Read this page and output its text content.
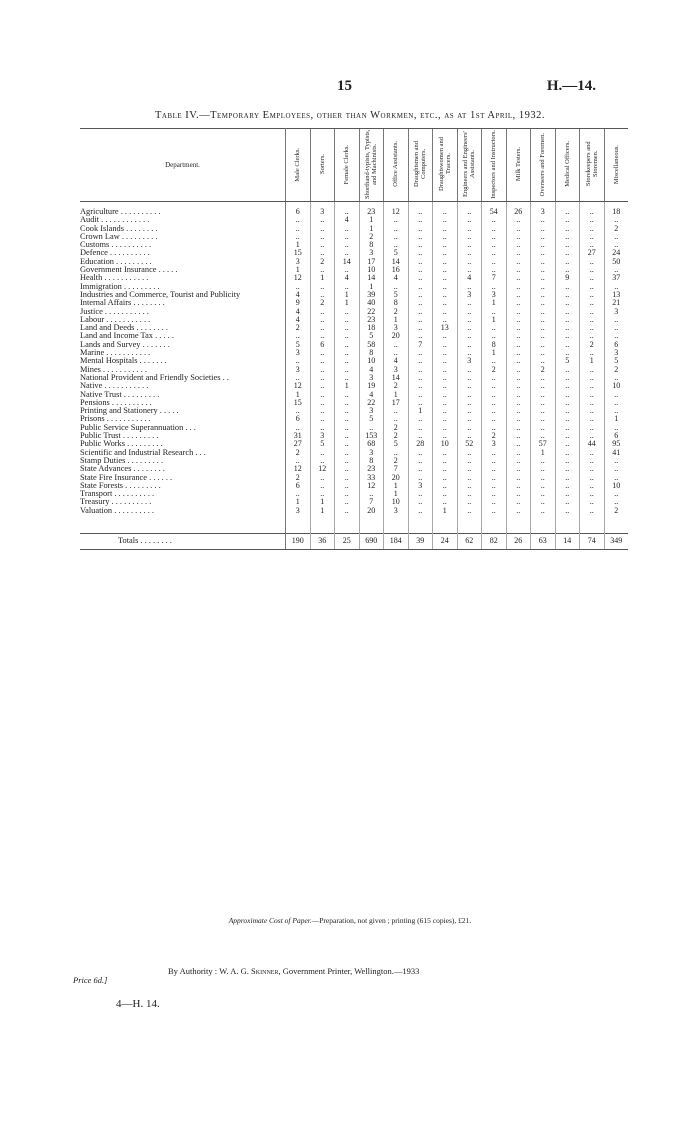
15	H.—14.
Table IV.—Temporary Employees, other than Workmen, etc., as at 1st April, 1932.
Department.	Male Clerks.	Sorters.	Female Clerks.	Shorthand-typists, Typists, and Machinists.	Office Assistants.	Draughtsmen and Computers.	Draughtswomen and Tracers.	Engineers and Engineers' Assistants.	Inspectors and Instructors.	Milk Testers.	Overseers and Foremen.	Medical Officers.	Storekeepers and Storemen.	Miscellaneous.
Agriculture . . . . . . . . . .	6	3	..	23	12	..	..	..	54	26	3	..	..	18
Audit . . . . . . . . . . . .	..	..	4	1	..	..	..	..	..	..	..	..	..	..
Cook Islands . . . . . . . .	..	..	..	1	..	..	..	..	..	..	..	..	..	2
Crown Law . . . . . . . . .	..	..	..	2	..	..	..	..	..	..	..	..	..	..
Customs . . . . . . . . . .	1	..	..	8	..	..	..	..	..	..	..	..	..	..
Defence . . . . . . . . . .	15	..	..	3	5	..	..	..	..	..	..	..	27	24
Education . . . . . . . . .	3	2	14	17	14	..	..	..	..	..	..	..	..	50
Government Insurance . . . . .	1	..	..	10	16	..	..	..	..	..	..	..	..	..
Health . . . . . . . . . . .	12	1	4	14	4	..	..	4	7	..	..	9	..	37
Immigration . . . . . . . . .	..	..	..	1	..	..	..	..	..	..	..	..	..	..
Industries and Commerce, Tourist and Publicity	4	..	1	39	5	..	..	3	3	..	..	..	..	13
Internal Affairs . . . . . . . .	9	2	1	40	8	..	..	..	1	..	..	..	..	21
Justice . . . . . . . . . . .	4	..	..	22	2	..	..	..	..	..	..	..	..	3
Labour . . . . . . . . . . .	4	..	..	23	1	..	..	..	1	..	..	..	..	..
Land and Deeds . . . . . . . .	2	..	..	18	3	..	13	..	..	..	..	..	..	..
Land and Income Tax . . . . .	..	..	..	5	20	..	..	..	..	..	..	..	..	..
Lands and Survey . . . . . . .	5	6	..	58	..	7	..	..	8	..	..	..	2	6
Marine . . . . . . . . . . .	3	..	..	8	..	..	..	..	1	..	..	..	..	3
Mental Hospitals . . . . . . .	..	..	..	10	4	..	..	3	..	..	..	5	1	5
Mines . . . . . . . . . . .	3	..	..	4	3	..	..	..	2	..	2	..	..	2
National Provident and Friendly Societies . .	..	..	..	3	14	..	..	..	..	..	..	..	..	..
Native . . . . . . . . . . .	12	..	1	19	2	..	..	..	..	..	..	..	..	10
Native Trust . . . . . . . . .	1	..	..	4	1	..	..	..	..	..	..	..	..	..
Pensions . . . . . . . . . .	15	..	..	22	17	..	..	..	..	..	..	..	..	..
Printing and Stationery . . . . .	..	..	..	3	..	1	..	..	..	..	..	..	..	..
Prisons . . . . . . . . . . .	6	..	..	5	..	..	..	..	..	..	..	..	..	1
Public Service Superannuation . . .	..	..	..	..	2	..	..	..	..	..	..	..	..	..
Public Trust . . . . . . . . .	31	3	..	153	2	..	..	..	2	..	..	..	..	6
Public Works . . . . . . . . .	27	5	..	68	5	28	10	52	3	..	57	..	44	95
Scientific and Industrial Research . . .	2	..	..	3	..	..	..	..	..	..	1	..	..	41
Stamp Duties . . . . . . . . .	..	..	..	8	2	..	..	..	..	..	..	..	..	..
State Advances . . . . . . . .	12	12	..	23	7	..	..	..	..	..	..	..	..	..
State Fire Insurance . . . . . .	2	..	..	33	20	..	..	..	..	..	..	..	..	..
State Forests . . . . . . . . .	6	..	..	12	1	3	..	..	..	..	..	..	..	10
Transport . . . . . . . . . .	..	..	..	..	1	..	..	..	..	..	..	..	..	..
Treasury . . . . . . . . . .	1	1	..	7	10	..	..	..	..	..	..	..	..	..
Valuation . . . . . . . . . .	3	1	..	20	3	..	1	..	..	..	..	..	..	2

Totals . . . . . . . .	190	36	25	690	184	39	24	62	82	26	63	14	74	349
Approximate Cost of Paper.—Preparation, not given ; printing (615 copies), £21.
By Authority : W. A. G. Skinner, Government Printer, Wellington.—1933
Price 6d.]
4—H. 14.
